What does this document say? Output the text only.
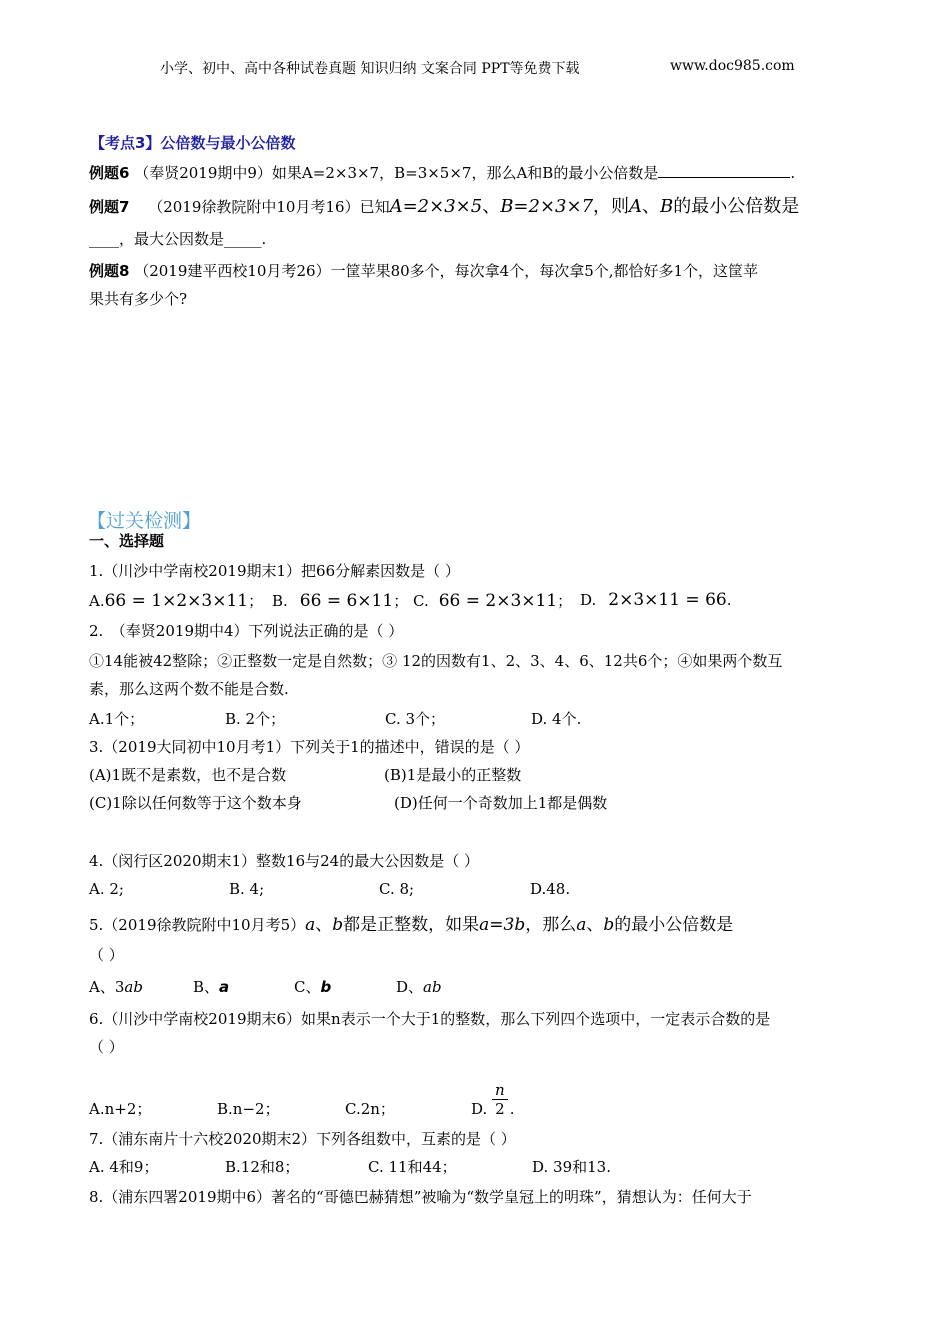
小学、初中、高中各种试卷真题 知识归纳 文案合同 PPT等免费下载	www.doc985.com
【考点3】公倍数与最小公倍数
例题6 （奉贤2019期中9）如果A=2×3×7，B=3×5×7，那么A和B的最小公倍数是	.
例题7 （2019徐教院附中10月考16）已知A=2×3×5、B=2×3×7，则A、B的最小公倍数是
____，最大公因数是_____.
例题8 （2019建平西校10月考26）一筐苹果80多个，每次拿4个，每次拿5个,都恰好多1个，这筐苹
果共有多少个?
【过关检测】
一、选择题
1.（川沙中学南校2019期末1）把66分解素因数是（ ）
A.66 = 1×2×3×11； B. 66 = 6×11； C. 66 = 2×3×11； D. 2×3×11 = 66.
2.　（奉贤2019期中4）下列说法正确的是（ ）
①14能被42整除；②正整数一定是自然数；③ 12的因数有1、2、3、4、6、12共6个；④如果两个数互
素，那么这两个数不能是合数.
A.1个；	B. 2个；	C. 3个；	D. 4个.
3.（2019大同初中10月考1）下列关于1的描述中，错误的是（ ）
(A)1既不是素数，也不是合数	(B)1是最小的正整数
(C)1除以任何数等于这个数本身	(D)任何一个奇数加上1都是偶数
4.（闵行区2020期末1）整数16与24的最大公因数是（ ）
A. 2;	B. 4;	C. 8;	D.48.
5.（2019徐教院附中10月考5）a、b都是正整数，如果a=3b，那么a、b的最小公倍数是
（ ）
A、3ab	B、a	C、b	D、ab
6.（川沙中学南校2019期末6）如果n表示一个大于1的整数，那么下列四个选项中，一定表示合数的是
（ ）
A.n+2；	B.n−2；	C.2n；	D. $\frac{n}{2}$ .
7.（浦东南片十六校2020期末2）下列各组数中，互素的是（ ）
A. 4和9；	B.12和8；	C. 11和44；	D. 39和13.
8.（浦东四署2019期中6）著名的“哥德巴赫猜想”被喻为“数学皇冠上的明珠”，猜想认为：任何大于
